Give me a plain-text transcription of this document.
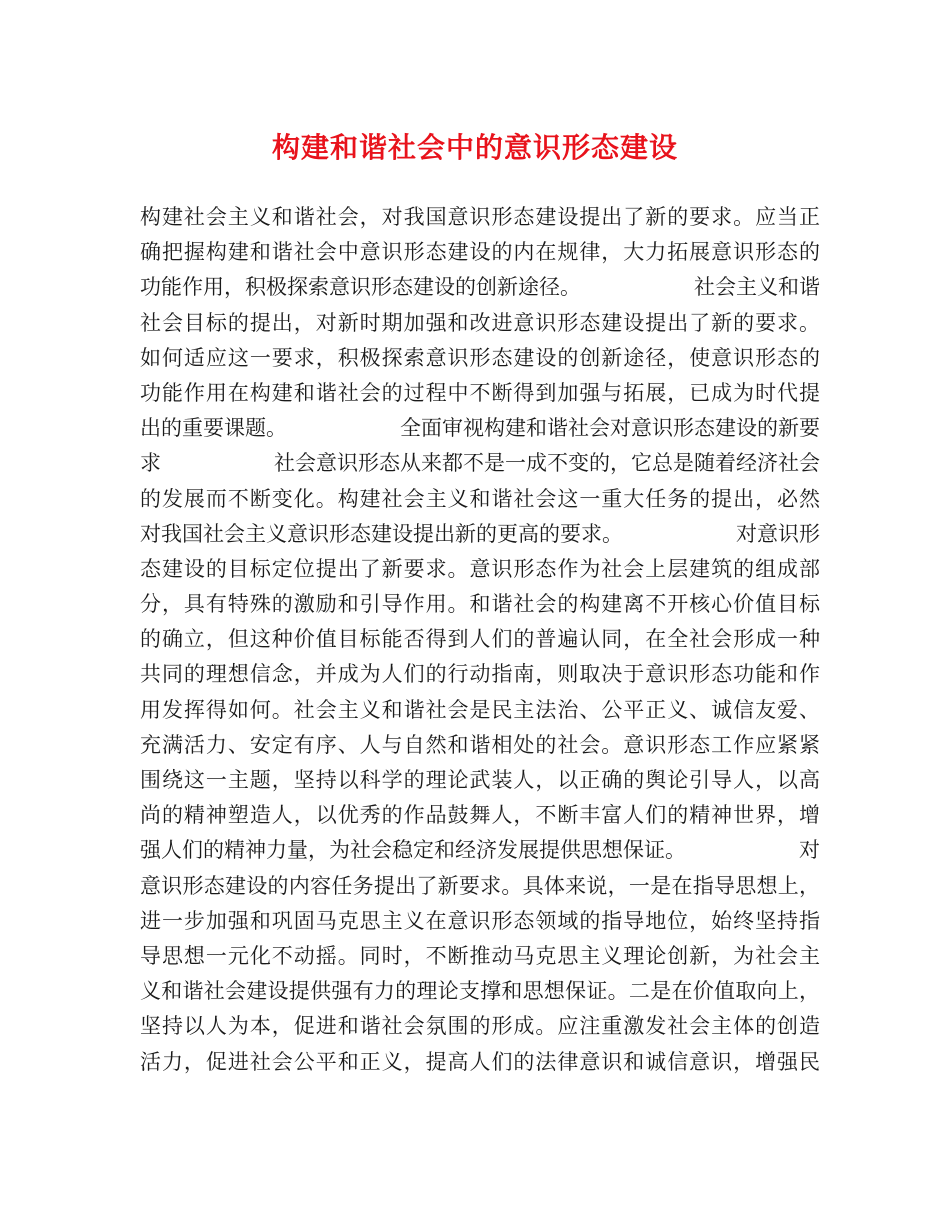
构建和谐社会中的意识形态建设
构建社会主义和谐社会，对我国意识形态建设提出了新的要求。应当正
确把握构建和谐社会中意识形态建设的内在规律，大力拓展意识形态的
功能作用，积极探索意识形态建设的创新途径。	社会主义和谐
社会目标的提出，对新时期加强和改进意识形态建设提出了新的要求。
如何适应这一要求，积极探索意识形态建设的创新途径，使意识形态的
功能作用在构建和谐社会的过程中不断得到加强与拓展，已成为时代提
出的重要课题。	全面审视构建和谐社会对意识形态建设的新要
求	社会意识形态从来都不是一成不变的，它总是随着经济社会
的发展而不断变化。构建社会主义和谐社会这一重大任务的提出，必然
对我国社会主义意识形态建设提出新的更高的要求。	对意识形
态建设的目标定位提出了新要求。意识形态作为社会上层建筑的组成部
分，具有特殊的激励和引导作用。和谐社会的构建离不开核心价值目标
的确立，但这种价值目标能否得到人们的普遍认同，在全社会形成一种
共同的理想信念，并成为人们的行动指南，则取决于意识形态功能和作
用发挥得如何。社会主义和谐社会是民主法治、公平正义、诚信友爱、
充满活力、安定有序、人与自然和谐相处的社会。意识形态工作应紧紧
围绕这一主题，坚持以科学的理论武装人，以正确的舆论引导人，以高
尚的精神塑造人，以优秀的作品鼓舞人，不断丰富人们的精神世界，增
强人们的精神力量，为社会稳定和经济发展提供思想保证。	对
意识形态建设的内容任务提出了新要求。具体来说，一是在指导思想上，
进一步加强和巩固马克思主义在意识形态领域的指导地位，始终坚持指
导思想一元化不动摇。同时，不断推动马克思主义理论创新，为社会主
义和谐社会建设提供强有力的理论支撑和思想保证。二是在价值取向上，
坚持以人为本，促进和谐社会氛围的形成。应注重激发社会主体的创造
活力，促进社会公平和正义，提高人们的法律意识和诚信意识，增强民
